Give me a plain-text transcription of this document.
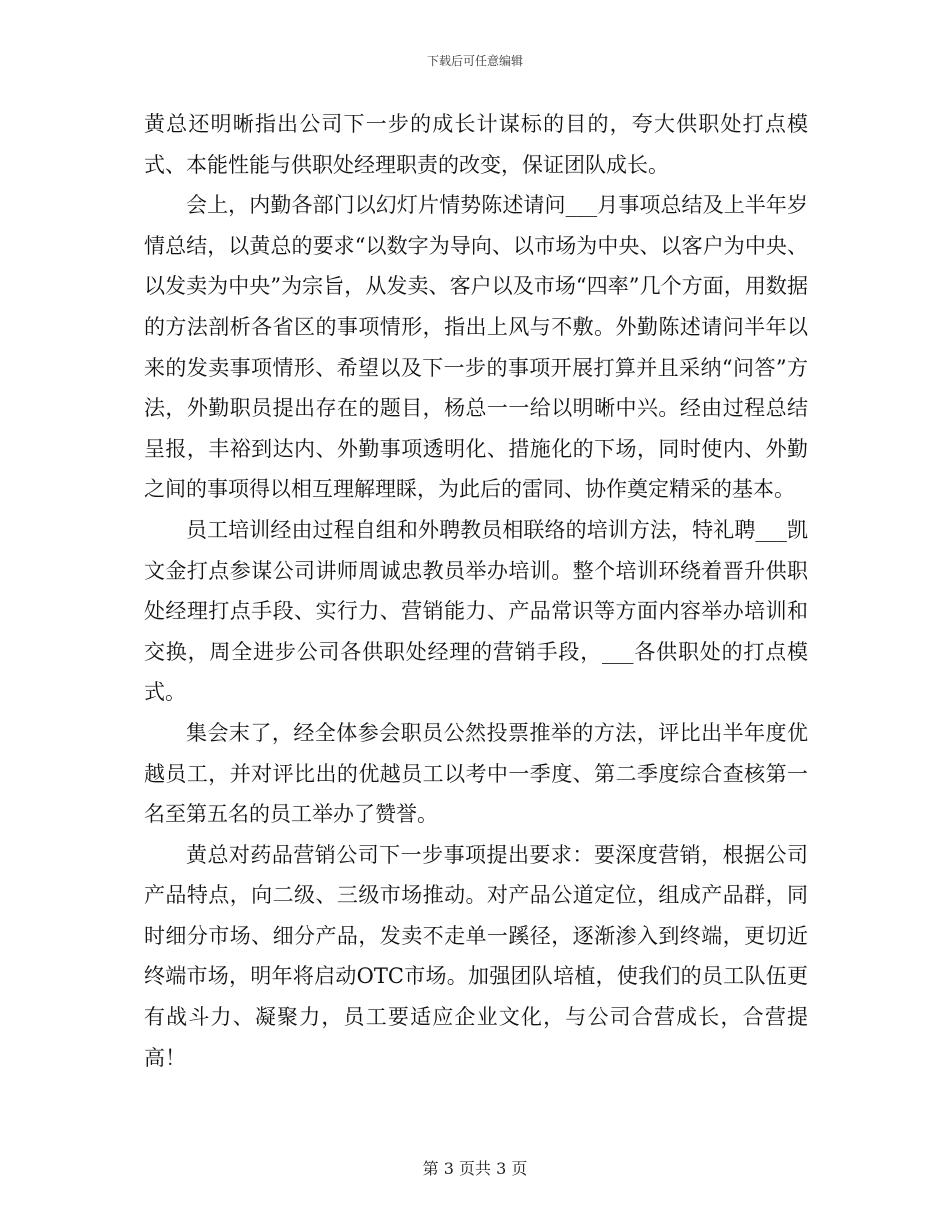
下载后可任意编辑

黄总还明晰指出公司下一步的成长计谋标的目的，夸大供职处打点模式、本能性能与供职处经理职责的改变，保证团队成长。

会上，内勤各部门以幻灯片情势陈述请问___月事项总结及上半年岁情总结，以黄总的要求“以数字为导向、以市场为中央、以客户为中央、以发卖为中央”为宗旨，从发卖、客户以及市场“四率”几个方面，用数据的方法剖析各省区的事项情形，指出上风与不敷。外勤陈述请问半年以来的发卖事项情形、希望以及下一步的事项开展打算并且采纳“问答”方法，外勤职员提出存在的题目，杨总一一给以明晰中兴。经由过程总结呈报，丰裕到达内、外勤事项透明化、措施化的下场，同时使内、外勤之间的事项得以相互理解理睬，为此后的雷同、协作奠定精采的基本。

员工培训经由过程自组和外聘教员相联络的培训方法，特礼聘___凯文金打点参谋公司讲师周诚忠教员举办培训。整个培训环绕着晋升供职处经理打点手段、实行力、营销能力、产品常识等方面内容举办培训和交换，周全进步公司各供职处经理的营销手段，___各供职处的打点模式。

集会末了，经全体参会职员公然投票推举的方法，评比出半年度优越员工，并对评比出的优越员工以考中一季度、第二季度综合查核第一名至第五名的员工举办了赞誉。

黄总对药品营销公司下一步事项提出要求：要深度营销，根据公司产品特点，向二级、三级市场推动。对产品公道定位，组成产品群，同时细分市场、细分产品，发卖不走单一蹊径，逐渐渗入到终端，更切近终端市场，明年将启动OTC市场。加强团队培植，使我们的员工队伍更有战斗力、凝聚力，员工要适应企业文化，与公司合营成长，合营提高！

第 3 页共 3 页
